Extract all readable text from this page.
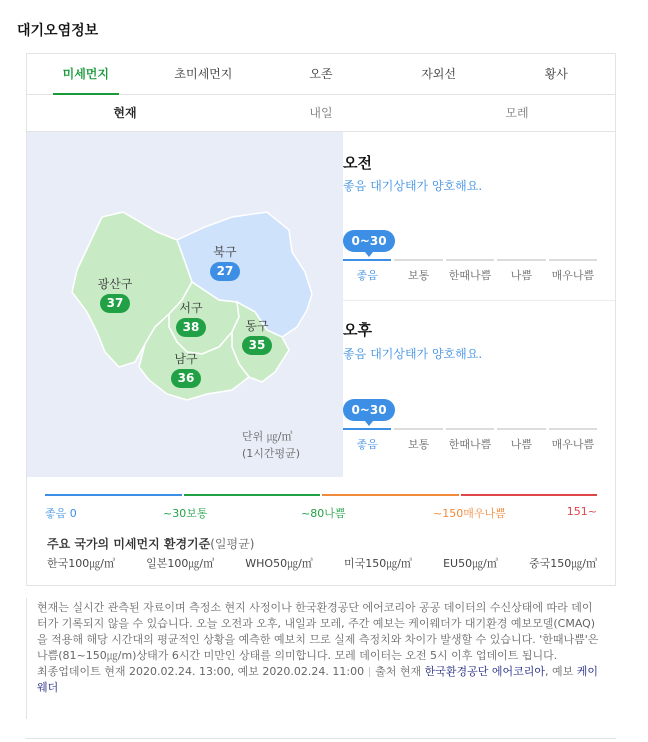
대기오염정보
미세먼지	초미세먼지	오존	자외선	황사
현재	내일	모레
북구
27
광산구
37	서구
38	동구
35
남구
36
단위 ㎍/㎥
(1시간평균)
오전
좋음 대기상태가 양호해요.
0~30
좋음	보통	한때나쁨	나쁨	매우나쁨
오후
좋음 대기상태가 양호해요.
0~30
좋음	보통	한때나쁨	나쁨	매우나쁨
좋음 0	~30보통	~80나쁨	~150매우나쁨	151~
주요 국가의 미세먼지 환경기준(일평균)
한국100㎍/㎥	일본100㎍/㎥	WHO50㎍/㎥	미국150㎍/㎥	EU50㎍/㎥	중국150㎍/㎥

현재는 실시간 관측된 자료이며 측정소 현지 사정이나 한국환경공단 에어코리아 공공 데이터의 수신상태에 따라 데이터가 기록되지 않을 수 있습니다. 오늘 오전과 오후, 내일과 모레, 주간 예보는 케이웨더가 대기환경 예보모델(CMAQ)을 적용해 해당 시간대의 평균적인 상황을 예측한 예보치 므로 실제 측정치와 차이가 발생할 수 있습니다. '한때나쁨'은 나쁨(81~150㎍/m)상태가 6시간 미만인 상태를 의미합니다. 모레 데이터는 오전 5시 이후 업데이트 됩니다.

최종업데이트 현재 2020.02.24. 13:00, 예보 2020.02.24. 11:00 출처 현재 한국환경공단 에어코리아, 예보 케이웨더
